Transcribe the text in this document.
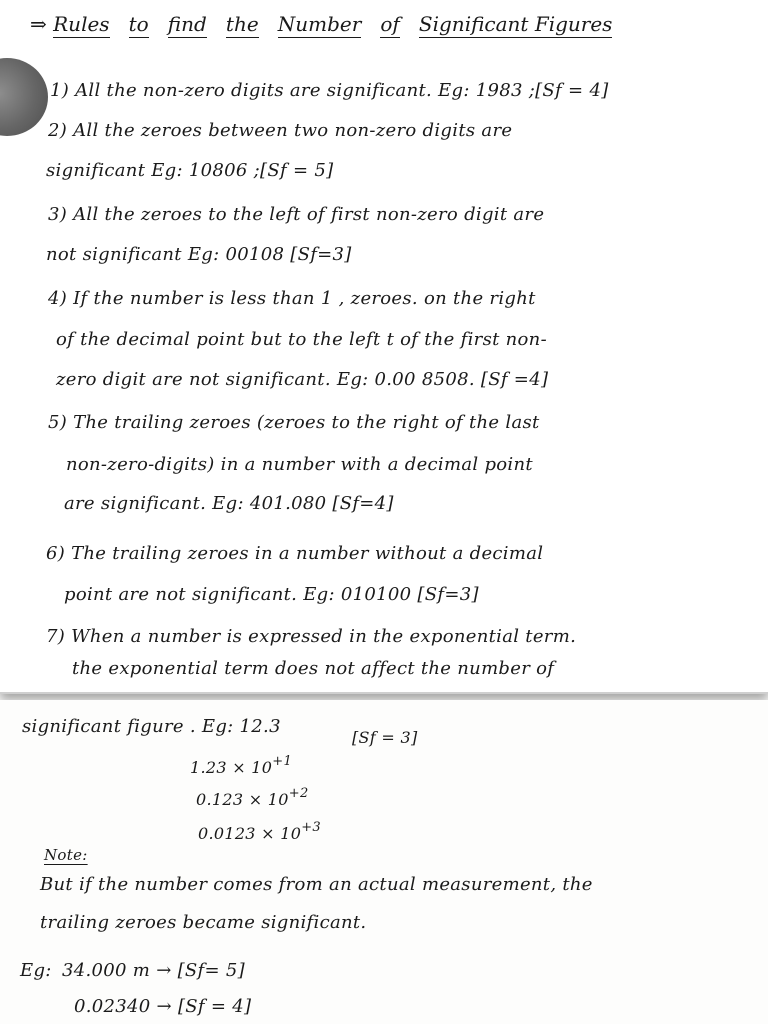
⇒ Rules to find the Number of Significant Figures
1) All the non-zero digits are significant. Eg: 1983 ;[Sf = 4]
2) All the zeroes between two non-zero digits are
significant Eg: 10806 ;[Sf = 5]
3) All the zeroes to the left of first non-zero digit are
not significant Eg: 00108 [Sf=3]
4) If the number is less than 1 , zeroes. on the right
of the decimal point but to the left t of the first non-
zero digit are not significant. Eg: 0.00 8508. [Sf =4]
5) The trailing zeroes (zeroes to the right of the last
non-zero-digits) in a number with a decimal point
are significant. Eg: 401.080 [Sf=4]
6) The trailing zeroes in a number without a decimal
point are not significant. Eg: 010100 [Sf=3]
7) When a number is expressed in the exponential term.
the exponential term does not affect the number of
significant figure . Eg: 12.3
[Sf = 3]
$1.23 \times 10^{+1}$
$0.123 \times 10^{+2}$
$0.0123 \times 10^{+3}$
Note:
But if the number comes from an actual measurement, the
trailing zeroes became significant.
Eg: 34.000 m → [Sf= 5]
0.02340 → [Sf = 4]
